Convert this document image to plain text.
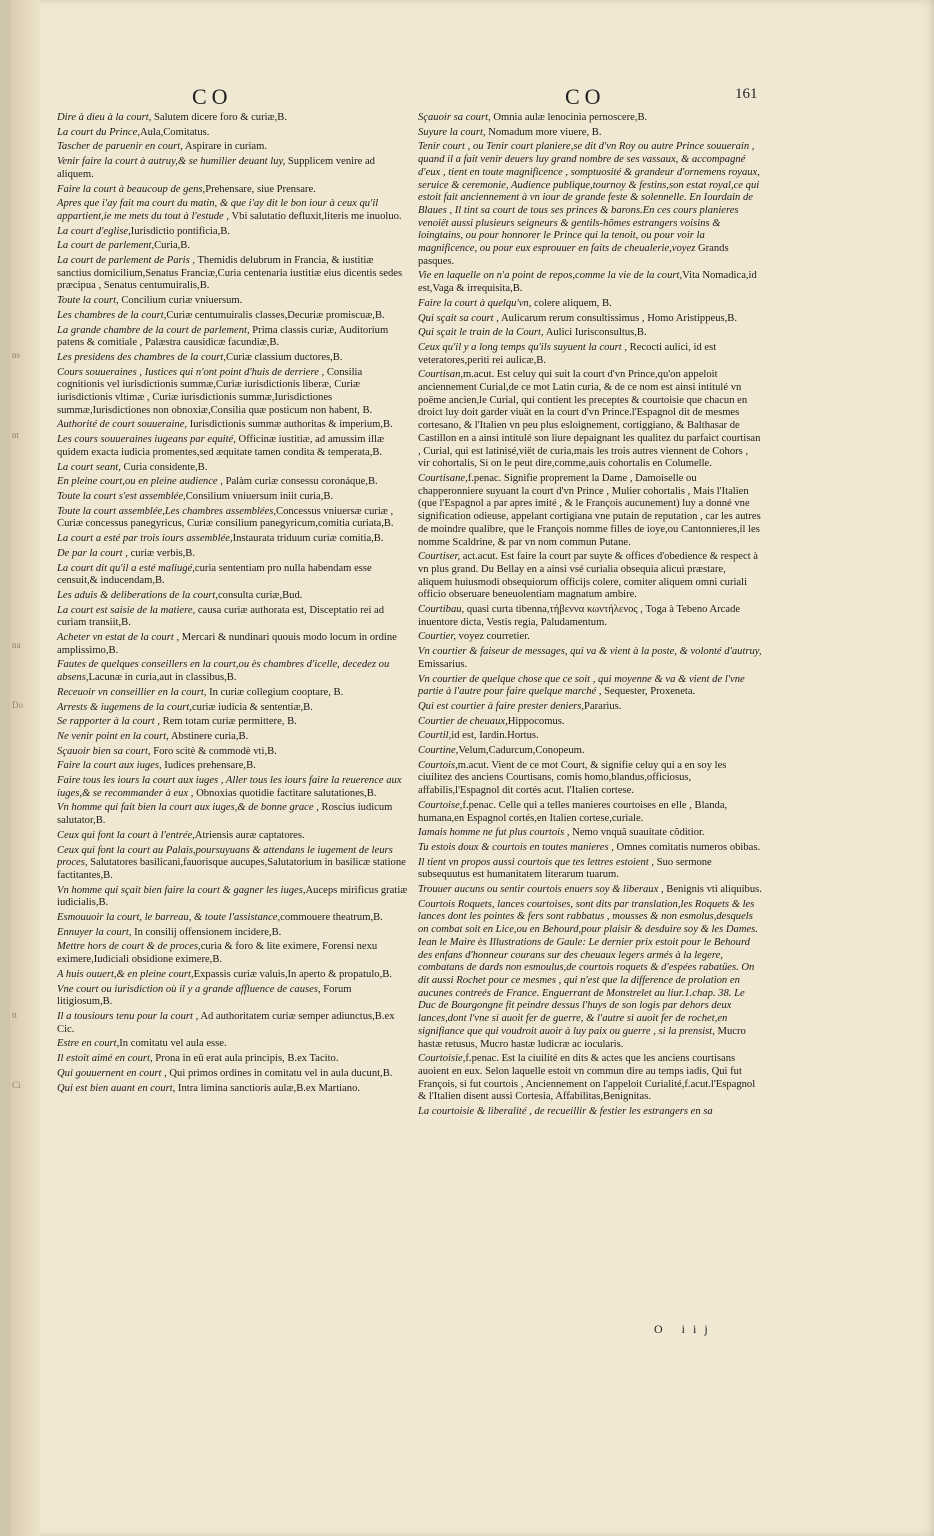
ns
nt
na
Do
tt
Ci
CO	CO	161
Dire à dieu à la court, Salutem dicere foro & curiæ,B.
La court du Prince,Aula,Comitatus.
Tascher de paruenir en court, Aspirare in curiam.
Venir faire la court à autruy,& se humilier deuant luy, Supplicem venire ad aliquem.
Faire la court à beaucoup de gens,Prehensare, siue Prensare.
Apres que i'ay fait ma court du matin, & que i'ay dit le bon iour à ceux qu'il appartient,ie me mets du tout à l'estude , Vbi salutatio defluxit,literis me inuoluo.
La court d'eglise,Iurisdictio pontificia,B.
La court de parlement,Curia,B.
La court de parlement de Paris , Themidis delubrum in Francia, & iustitiæ sanctius domicilium,Senatus Franciæ,Curia centenaria iustitiæ eius dicentis sedes præcipua , Senatus centumuiralis,B.
Toute la court, Concilium curiæ vniuersum.
Les chambres de la court,Curiæ centumuiralis classes,Decuriæ promiscuæ,B.
La grande chambre de la court de parlement, Prima classis curiæ, Auditorium patens & comitiale , Palæstra causidicæ facundiæ,B.
Les presidens des chambres de la court,Curiæ classium ductores,B.
Cours souueraines , Iustices qui n'ont point d'huis de derriere , Consilia cognitionis vel iurisdictionis summæ,Curiæ iurisdictionis liberæ, Curiæ iurisdictionis vltimæ , Curiæ iurisdictionis summæ,Iurisdictiones summæ,Iurisdictiones non obnoxiæ,Consilia quæ posticum non habent, B.
Authorité de court souueraine, Iurisdictionis summæ authoritas & imperium,B.
Les cours souueraines iugeans par equité, Officinæ iustitiæ, ad amussim illæ quidem exacta iudicia promentes,sed æquitate tamen condita & temperata,B.
La court seant, Curia considente,B.
En pleine court,ou en pleine audience , Palàm curiæ consessu coronáque,B.
Toute la court s'est assemblée,Consilium vniuersum iniit curia,B.
Toute la court assemblée,Les chambres assemblées,Concessus vniuersæ curiæ , Curiæ concessus panegyricus, Curiæ consilium panegyricum,comitia curiata,B.
La court a esté par trois iours assemblée,Instaurata triduum curiæ comitia,B.
De par la court , curiæ verbis,B.
La court dit qu'il a esté maliugé,curia sententiam pro nulla habendam esse censuit,& inducendam,B.
Les aduis & deliberations de la court,consulta curiæ,Bud.
La court est saisie de la matiere, causa curiæ authorata est, Disceptatio rei ad curiam transiit,B.
Acheter vn estat de la court , Mercari & nundinari quouis modo locum in ordine amplissimo,B.
Fautes de quelques conseillers en la court,ou ès chambres d'icelle, decedez ou absens,Lacunæ in curia,aut in classibus,B.
Receuoir vn conseillier en la court, In curiæ collegium cooptare, B.
Arrests & iugemens de la court,curiæ iudicia & sententiæ,B.
Se rapporter à la court , Rem totam curiæ permittere, B.
Ne venir point en la court, Abstinere curia,B.
Sçauoir bien sa court, Foro scitè & commodè vti,B.
Faire la court aux iuges, Iudices prehensare,B.
Faire tous les iours la court aux iuges , Aller tous les iours faire la reuerence aux iuges,& se recommander à eux , Obnoxias quotidie factitare salutationes,B.
Vn homme qui fait bien la court aux iuges,& de bonne grace , Roscius iudicum salutator,B.
Ceux qui font la court à l'entrée,Atriensis auræ captatores.
Ceux qui font la court au Palais,poursuyuans & attendans le iugement de leurs proces, Salutatores basilicani,fauorisque aucupes,Salutatorium in basilicæ statione factitantes,B.
Vn homme qui sçait bien faire la court & gagner les iuges,Auceps mirificus gratiæ iudicialis,B.
Esmouuoir la court, le barreau, & toute l'assistance,commouere theatrum,B.
Ennuyer la court, In consilij offensionem incidere,B.
Mettre hors de court & de proces,curia & foro & lite eximere, Forensi nexu eximere,Iudiciali obsidione eximere,B.
A huis ouuert,& en pleine court,Expassis curiæ valuis,In aperto & propatulo,B.
Vne court ou iurisdiction où il y a grande affluence de causes, Forum litigiosum,B.
Il a tousiours tenu pour la court , Ad authoritatem curiæ semper adiunctus,B.ex Cic.
Estre en court,In comitatu vel aula esse.
Il estoit aimé en court, Prona in eũ erat aula principis, B.ex Tacito.
Qui gouuernent en court , Qui primos ordines in comitatu vel in aula ducunt,B.
Qui est bien auant en court, Intra limina sanctioris aulæ,B.ex Martiano.
Sçauoir sa court, Omnia aulæ lenocinia pernoscere,B.
Suyure la court, Nomadum more viuere, B.
Tenir court , ou Tenir court planiere,se dit d'vn Roy ou autre Prince souuerain , quand il a fait venir deuers luy grand nombre de ses vassaux, & accompagné d'eux , tient en toute magnificence , somptuosité & grandeur d'ornemens royaux, seruice & ceremonie, Audience publique,tournoy & festins,son estat royal,ce qui estoit fait anciennement à vn iour de grande feste & solennelle. En Iourdain de Blaues , Il tint sa court de tous ses princes & barons.En ces cours planieres venoiët aussi plusieurs seigneurs & gentils-hõmes estrangers voisins & loingtains, ou pour honnorer le Prince qui la tenoit, ou pour voir la magnificence, ou pour eux esprouuer en faits de cheualerie,voyez Grands pasques.
Vie en laquelle on n'a point de repos,comme la vie de la court,Vita Nomadica,id est,Vaga & irrequisita,B.
Faire la court à quelqu'vn, colere aliquem, B.
Qui sçait sa court , Aulicarum rerum consultissimus , Homo Aristippeus,B.
Qui sçait le train de la Court, Aulici Iurisconsultus,B.
Ceux qu'il y a long temps qu'ils suyuent la court , Recocti aulici, id est veteratores,periti rei aulicæ,B.
Courtisan,m.acut. Est celuy qui suit la court d'vn Prince,qu'on appeloit anciennement Curial,de ce mot Latin curia, & de ce nom est ainsi intitulé vn poëme ancien,le Curial, qui contient les preceptes & courtoisie que chacun en droict luy doit garder viuät en la court d'vn Prince.l'Espagnol dit de mesmes cortesano, & l'Italien vn peu plus esloignement, cortiggiano, & Balthasar de Castillon en a ainsi intitulé son liure depaignant les qualitez du parfaict courtisan , Curial, qui est latinisé,viët de curia,mais les trois autres viennent de Cohors , vir cohortalis, Si on le peut dire,comme,auis cohortalis en Columelle.
Courtisane,f.penac. Signifie proprement la Dame , Damoiselle ou chapperonniere suyuant la court d'vn Prince , Mulier cohortalis , Mais l'Italien (que l'Espagnol a par apres imité , & le François aucunement) luy a donné vne signification odieuse, appelant cortigiana vne putain de reputation , car les autres de moindre qualibre, que le François nomme filles de ioye,ou Cantonnieres,il les nomme Scaldrine, & par vn nom commun Putane.
Courtiser, act.acut. Est faire la court par suyte & offices d'obedience & respect à vn plus grand. Du Bellay en a ainsi vsé curialia obsequia alicui præstare, aliquem huiusmodi obsequiorum officijs colere, comiter aliquem omni curiali officio obseruare beneuolentiam magnatum ambire.
Courtibau, quasi curta tibenna,τήβεννα κωντήλενος , Toga à Tebeno Arcade inuentore dicta, Vestis regia, Paludamentum.
Courtier, voyez courretier.
Vn courtier & faiseur de messages, qui va & vient à la poste, & volonté d'autruy, Emissarius.
Vn courtier de quelque chose que ce soit , qui moyenne & va & vient de l'vne partie à l'autre pour faire quelque marché , Sequester, Proxeneta.
Qui est courtier à faire prester deniers,Pararius.
Courtier de cheuaux,Hippocomus.
Courtil,id est, Iardin.Hortus.
Courtine,Velum,Cadurcum,Conopeum.
Courtois,m.acut. Vient de ce mot Court, & signifie celuy qui a en soy les ciuilitez des anciens Courtisans, comis homo,blandus,officiosus, affabilis,l'Espagnol dit cortés acut. l'Italien cortese.
Courtoise,f.penac. Celle qui a telles manieres courtoises en elle , Blanda, humana,en Espagnol cortés,en Italien cortese,curiale.
Iamais homme ne fut plus courtois , Nemo vnquã suauitate cõditior.
Tu estois doux & courtois en toutes manieres , Omnes comitatis numeros obibas.
Il tient vn propos aussi courtois que tes lettres estoient , Suo sermone subsequutus est humanitatem literarum tuarum.
Trouuer aucuns ou sentir courtois enuers soy & liberaux , Benignis vti aliquibus.
Courtois Roquets, lances courtoises, sont dits par translation,les Roquets & les lances dont les pointes & fers sont rabbatus , mousses & non esmolus,desquels on combat soit en Lice,ou en Behourd,pour plaisir & desduire soy & les Dames. Iean le Maire ès Illustrations de Gaule: Le dernier prix estoit pour le Behourd des enfans d'honneur courans sur des cheuaux legers armés à la legere, combatans de dards non esmoulus,de courtois roquets & d'espées rabatües. On dit aussi Rochet pour ce mesmes , qui n'est que la difference de prolation en aucunes contreés de France. Enguerrant de Monstrelet au liur.1.chap. 38. Le Duc de Bourgongne fit peindre dessus l'huys de son logis par dehors deux lances,dont l'vne si auoit fer de guerre, & l'autre si auoit fer de rochet,en signifiance que qui voudroit auoir à luy paix ou guerre , si la prensist, Mucro hastæ retusus, Mucro hastæ ludicræ ac iocularis.
Courtoisie,f.penac. Est la ciuilité en dits & actes que les anciens courtisans auoient en eux. Selon laquelle estoit vn commun dire au temps iadis, Qui fut François, si fut courtois , Anciennement on l'appeloit Curialité,f.acut.l'Espagnol & l'Italien disent aussi Cortesia, Affabilitas,Benignitas.
La courtoisie & liberalité , de recueillir & festier les estrangers en sa
O iij
